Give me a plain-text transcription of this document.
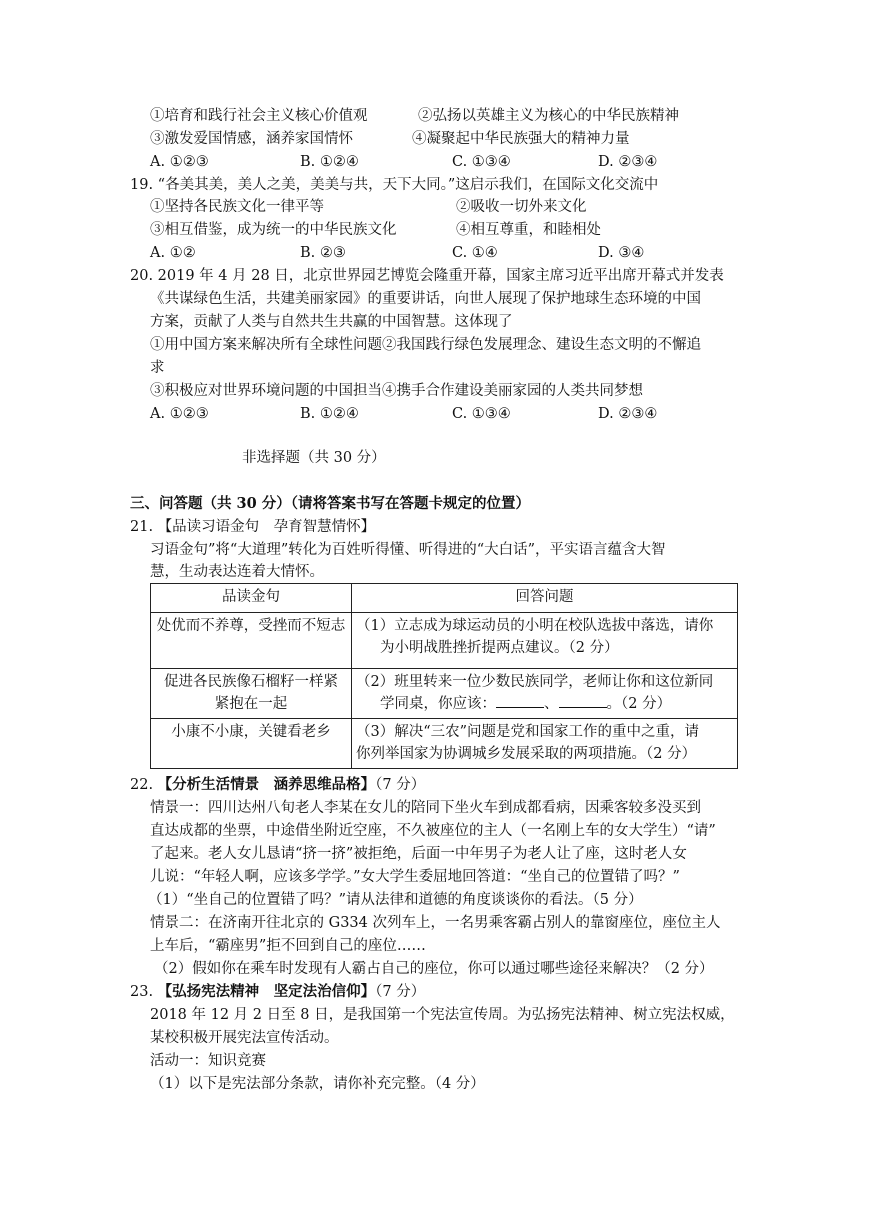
①培育和践行社会主义核心价值观	②弘扬以英雄主义为核心的中华民族精神
③激发爱国情感，涵养家国情怀	④凝聚起中华民族强大的精神力量
A. ①②③	B. ①②④	C. ①③④	D. ②③④
19. “各美其美，美人之美，美美与共，天下大同。”这启示我们，在国际文化交流中
①坚持各民族文化一律平等	②吸收一切外来文化
③相互借鉴，成为统一的中华民族文化	④相互尊重，和睦相处
A. ①②	B. ②③	C. ①④	D. ③④
20. 2019 年 4 月 28 日，北京世界园艺博览会隆重开幕，国家主席习近平出席开幕式并发表
《共谋绿色生活，共建美丽家园》的重要讲话，向世人展现了保护地球生态环境的中国
方案，贡献了人类与自然共生共赢的中国智慧。这体现了
①用中国方案来解决所有全球性问题②我国践行绿色发展理念、建设生态文明的不懈追
求
③积极应对世界环境问题的中国担当④携手合作建设美丽家园的人类共同梦想
A. ①②③	B. ①②④	C. ①③④	D. ②③④
非选择题（共 30 分）
三、问答题（共 30 分）（请将答案书写在答题卡规定的位置）
21. 【品读习语金句　孕育智慧情怀】
习语金句”将“大道理”转化为百姓听得懂、听得进的“大白话”，平实语言蕴含大智
慧，生动表达连着大情怀。
品读金句	回答问题
处优而不养尊，受挫而不短志	（1）立志成为球运动员的小明在校队选拔中落选，请你
为小明战胜挫折提两点建议。（2 分）

促进各民族像石榴籽一样紧
紧抱在一起	（2）班里转来一位少数民族同学，老师让你和这位新同
学同桌，你应该： 、 。（2 分）

小康不小康，关键看老乡	（3）解决“三农”问题是党和国家工作的重中之重，请
你列举国家为协调城乡发展采取的两项措施。（2 分）
22. 【分析生活情景　涵养思维品格】（7 分）
情景一：四川达州八旬老人李某在女儿的陪同下坐火车到成都看病，因乘客较多没买到
直达成都的坐票，中途借坐附近空座，不久被座位的主人（一名刚上车的女大学生）“请”
了起来。老人女儿恳请“挤一挤”被拒绝，后面一中年男子为老人让了座，这时老人女
儿说：“年轻人啊，应该多学学。”女大学生委屈地回答道：“坐自己的位置错了吗？”
（1）“坐自己的位置错了吗？”请从法律和道德的角度谈谈你的看法。（5 分）
情景二：在济南开往北京的 G334 次列车上，一名男乘客霸占别人的靠窗座位，座位主人
上车后，“霸座男”拒不回到自己的座位……
（2）假如你在乘车时发现有人霸占自己的座位，你可以通过哪些途径来解决？（2 分）
23. 【弘扬宪法精神　坚定法治信仰】（7 分）
2018 年 12 月 2 日至 8 日，是我国第一个宪法宣传周。为弘扬宪法精神、树立宪法权威，
某校积极开展宪法宣传活动。
活动一：知识竞赛
（1）以下是宪法部分条款，请你补充完整。（4 分）
